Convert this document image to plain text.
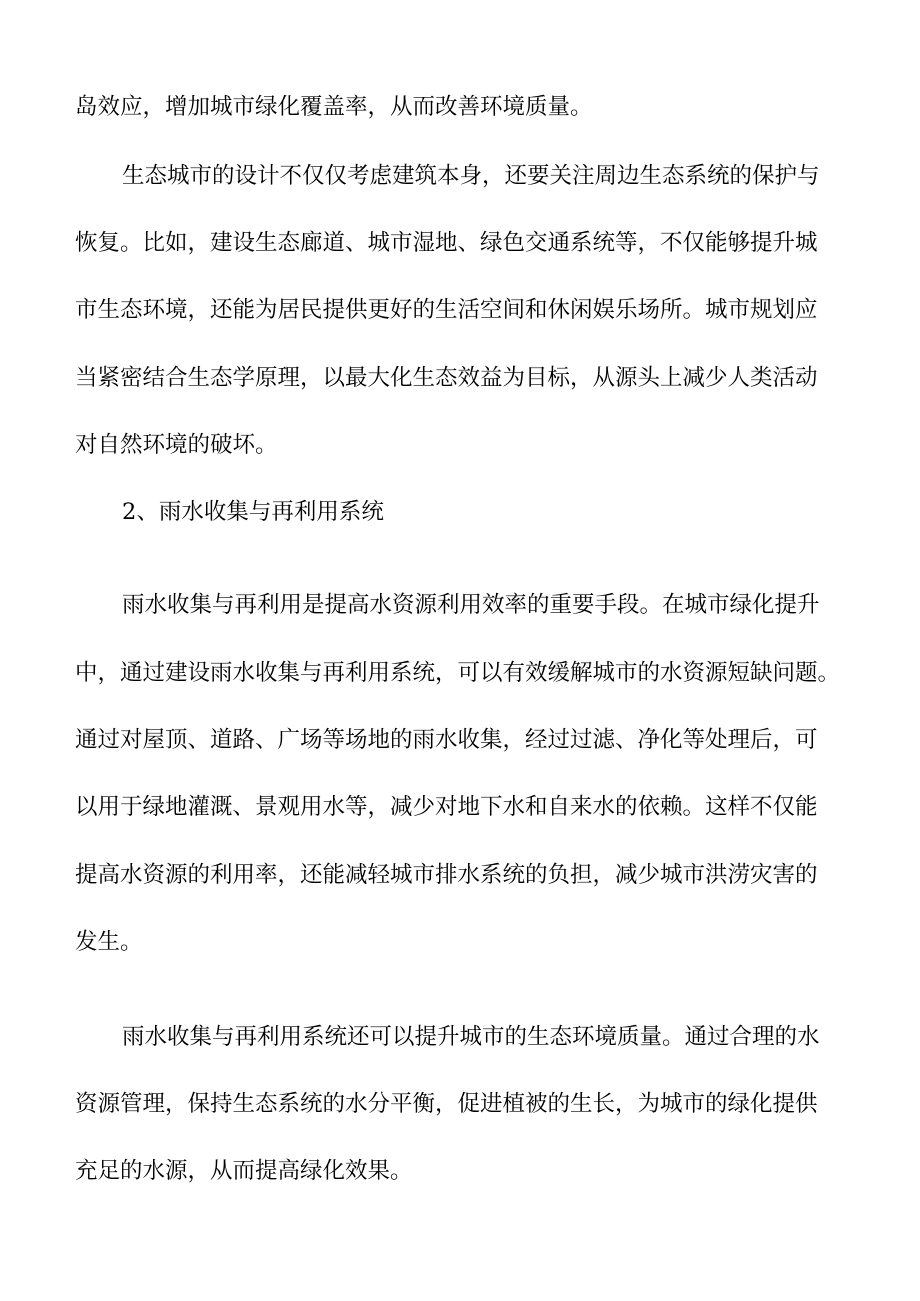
岛效应，增加城市绿化覆盖率，从而改善环境质量。
生态城市的设计不仅仅考虑建筑本身，还要关注周边生态系统的保护与
恢复。比如，建设生态廊道、城市湿地、绿色交通系统等，不仅能够提升城
市生态环境，还能为居民提供更好的生活空间和休闲娱乐场所。城市规划应
当紧密结合生态学原理，以最大化生态效益为目标，从源头上减少人类活动
对自然环境的破坏。
2、雨水收集与再利用系统
雨水收集与再利用是提高水资源利用效率的重要手段。在城市绿化提升
中，通过建设雨水收集与再利用系统，可以有效缓解城市的水资源短缺问题。
通过对屋顶、道路、广场等场地的雨水收集，经过过滤、净化等处理后，可
以用于绿地灌溉、景观用水等，减少对地下水和自来水的依赖。这样不仅能
提高水资源的利用率，还能减轻城市排水系统的负担，减少城市洪涝灾害的
发生。
雨水收集与再利用系统还可以提升城市的生态环境质量。通过合理的水
资源管理，保持生态系统的水分平衡，促进植被的生长，为城市的绿化提供
充足的水源，从而提高绿化效果。
